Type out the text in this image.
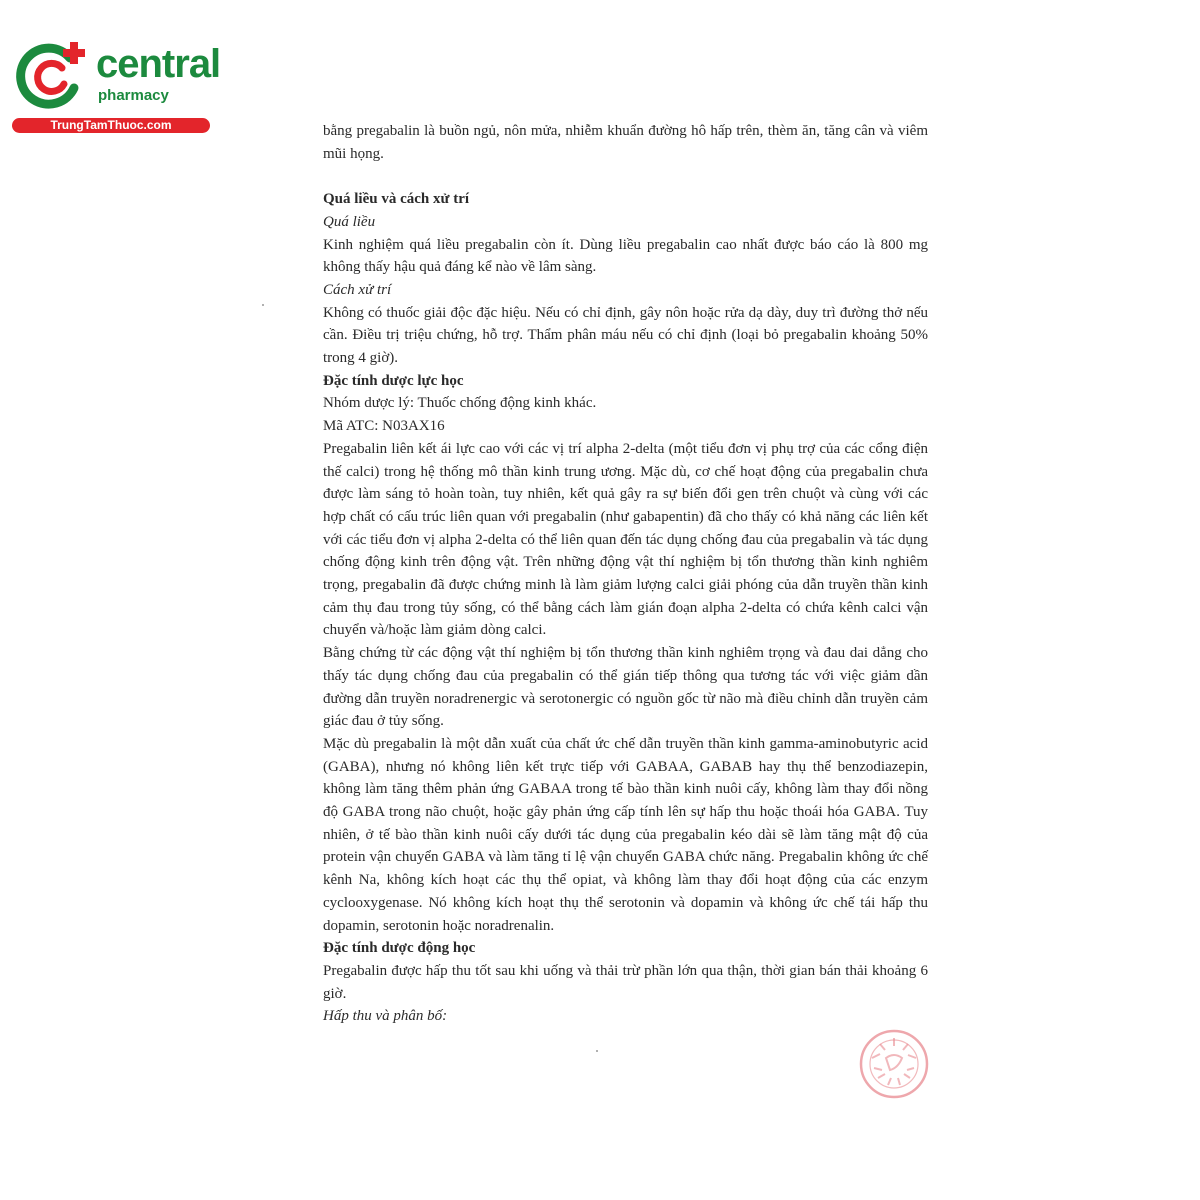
central
pharmacy
TrungTamThuoc.com	bằng pregabalin là buồn ngủ, nôn mửa, nhiễm khuẩn đường hô hấp trên, thèm ăn, tăng cân và viêm mũi họng.

Quá liều và cách xử trí

Quá liều

Kinh nghiệm quá liều pregabalin còn ít. Dùng liều pregabalin cao nhất được báo cáo là 800 mg không thấy hậu quả đáng kể nào về lâm sàng.

Cách xử trí

Không có thuốc giải độc đặc hiệu. Nếu có chỉ định, gây nôn hoặc rửa dạ dày, duy trì đường thở nếu cần. Điều trị triệu chứng, hỗ trợ. Thẩm phân máu nếu có chỉ định (loại bỏ pregabalin khoảng 50% trong 4 giờ).

Đặc tính dược lực học

Nhóm dược lý: Thuốc chống động kinh khác.

Mã ATC: N03AX16

Pregabalin liên kết ái lực cao với các vị trí alpha 2-delta (một tiểu đơn vị phụ trợ của các cổng điện thế calci) trong hệ thống mô thần kinh trung ương. Mặc dù, cơ chế hoạt động của pregabalin chưa được làm sáng tỏ hoàn toàn, tuy nhiên, kết quả gây ra sự biến đổi gen trên chuột và cùng với các hợp chất có cấu trúc liên quan với pregabalin (như gabapentin) đã cho thấy có khả năng các liên kết với các tiểu đơn vị alpha 2-delta có thể liên quan đến tác dụng chống đau của pregabalin và tác dụng chống động kinh trên động vật. Trên những động vật thí nghiệm bị tổn thương thần kinh nghiêm trọng, pregabalin đã được chứng minh là làm giảm lượng calci giải phóng của dẫn truyền thần kinh cảm thụ đau trong tủy sống, có thể bằng cách làm gián đoạn alpha 2-delta có chứa kênh calci vận chuyển và/hoặc làm giảm dòng calci.

Bằng chứng từ các động vật thí nghiệm bị tổn thương thần kinh nghiêm trọng và đau dai dẳng cho thấy tác dụng chống đau của pregabalin có thể gián tiếp thông qua tương tác với việc giảm dần đường dẫn truyền noradrenergic và serotonergic có nguồn gốc từ não mà điều chỉnh dẫn truyền cảm giác đau ở tủy sống.

Mặc dù pregabalin là một dẫn xuất của chất ức chế dẫn truyền thần kinh gamma-aminobutyric acid (GABA), nhưng nó không liên kết trực tiếp với GABAA, GABAB hay thụ thể benzodiazepin, không làm tăng thêm phản ứng GABAA trong tế bào thần kinh nuôi cấy, không làm thay đổi nồng độ GABA trong não chuột, hoặc gây phản ứng cấp tính lên sự hấp thu hoặc thoái hóa GABA. Tuy nhiên, ở tế bào thần kinh nuôi cấy dưới tác dụng của pregabalin kéo dài sẽ làm tăng mật độ của protein vận chuyển GABA và làm tăng tỉ lệ vận chuyển GABA chức năng. Pregabalin không ức chế kênh Na, không kích hoạt các thụ thể opiat, và không làm thay đổi hoạt động của các enzym cyclooxygenase. Nó không kích hoạt thụ thể serotonin và dopamin và không ức chế tái hấp thu dopamin, serotonin hoặc noradrenalin.

Đặc tính dược động học

Pregabalin được hấp thu tốt sau khi uống và thải trừ phần lớn qua thận, thời gian bán thải khoảng 6 giờ.

Hấp thu và phân bố:
